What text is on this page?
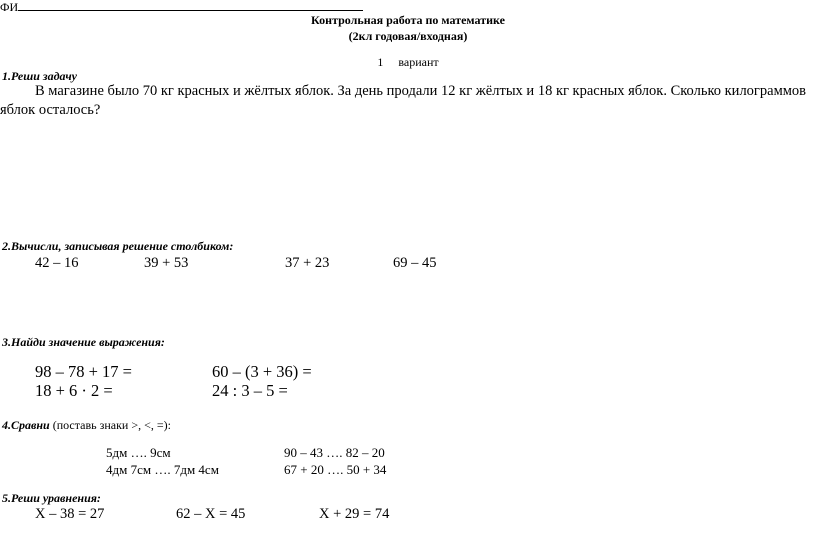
ФИ
Контрольная работа по математике
(2кл годовая/входная)
1 вариант
1.Реши задачу
В магазине было 70 кг красных и жёлтых яблок. За день продали 12 кг жёлтых и 18 кг красных яблок. Сколько килограммов
яблок осталось?
2.Вычисли, записывая решение столбиком:
42 – 16	39 + 53	37 + 23	69 – 45
3.Найди значение выражения:
98 – 78 + 17 =	60 – (3 + 36) =
18 + 6 · 2 =	24 : 3 – 5 =
4.Сравни (поставь знаки >, <, =):
5дм …. 9см	90 – 43 …. 82 – 20
4дм 7см …. 7дм 4см	67 + 20 …. 50 + 34
5.Реши уравнения:
Х – 38 = 27	62 – Х = 45	Х + 29 = 74
